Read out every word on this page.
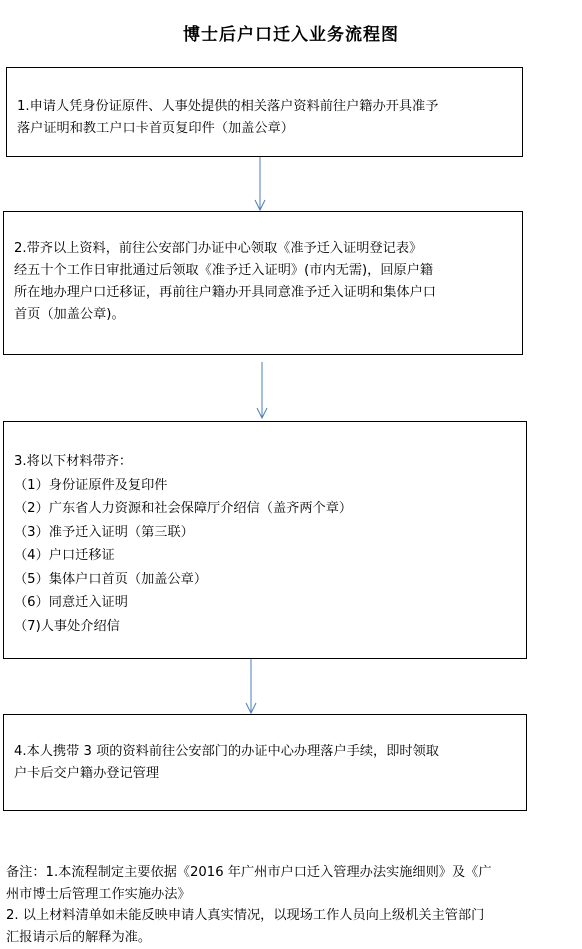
博士后户口迁入业务流程图
1.申请人凭身份证原件、人事处提供的相关落户资料前往户籍办开具准予
落户证明和教工户口卡首页复印件（加盖公章）
2.带齐以上资料，前往公安部门办证中心领取《准予迁入证明登记表》
经五十个工作日审批通过后领取《准予迁入证明》(市内无需)，回原户籍
所在地办理户口迁移证，再前往户籍办开具同意准予迁入证明和集体户口
首页（加盖公章)。
3.将以下材料带齐：
（1）身份证原件及复印件
（2）广东省人力资源和社会保障厅介绍信（盖齐两个章）
（3）准予迁入证明（第三联）
（4）户口迁移证
（5）集体户口首页（加盖公章）
（6）同意迁入证明
（7)人事处介绍信
4.本人携带 3 项的资料前往公安部门的办证中心办理落户手续，即时领取
户卡后交户籍办登记管理
备注：1.本流程制定主要依据《2016 年广州市户口迁入管理办法实施细则》及《广
州市博士后管理工作实施办法》
2. 以上材料清单如未能反映申请人真实情况，以现场工作人员向上级机关主管部门
汇报请示后的解释为准。
